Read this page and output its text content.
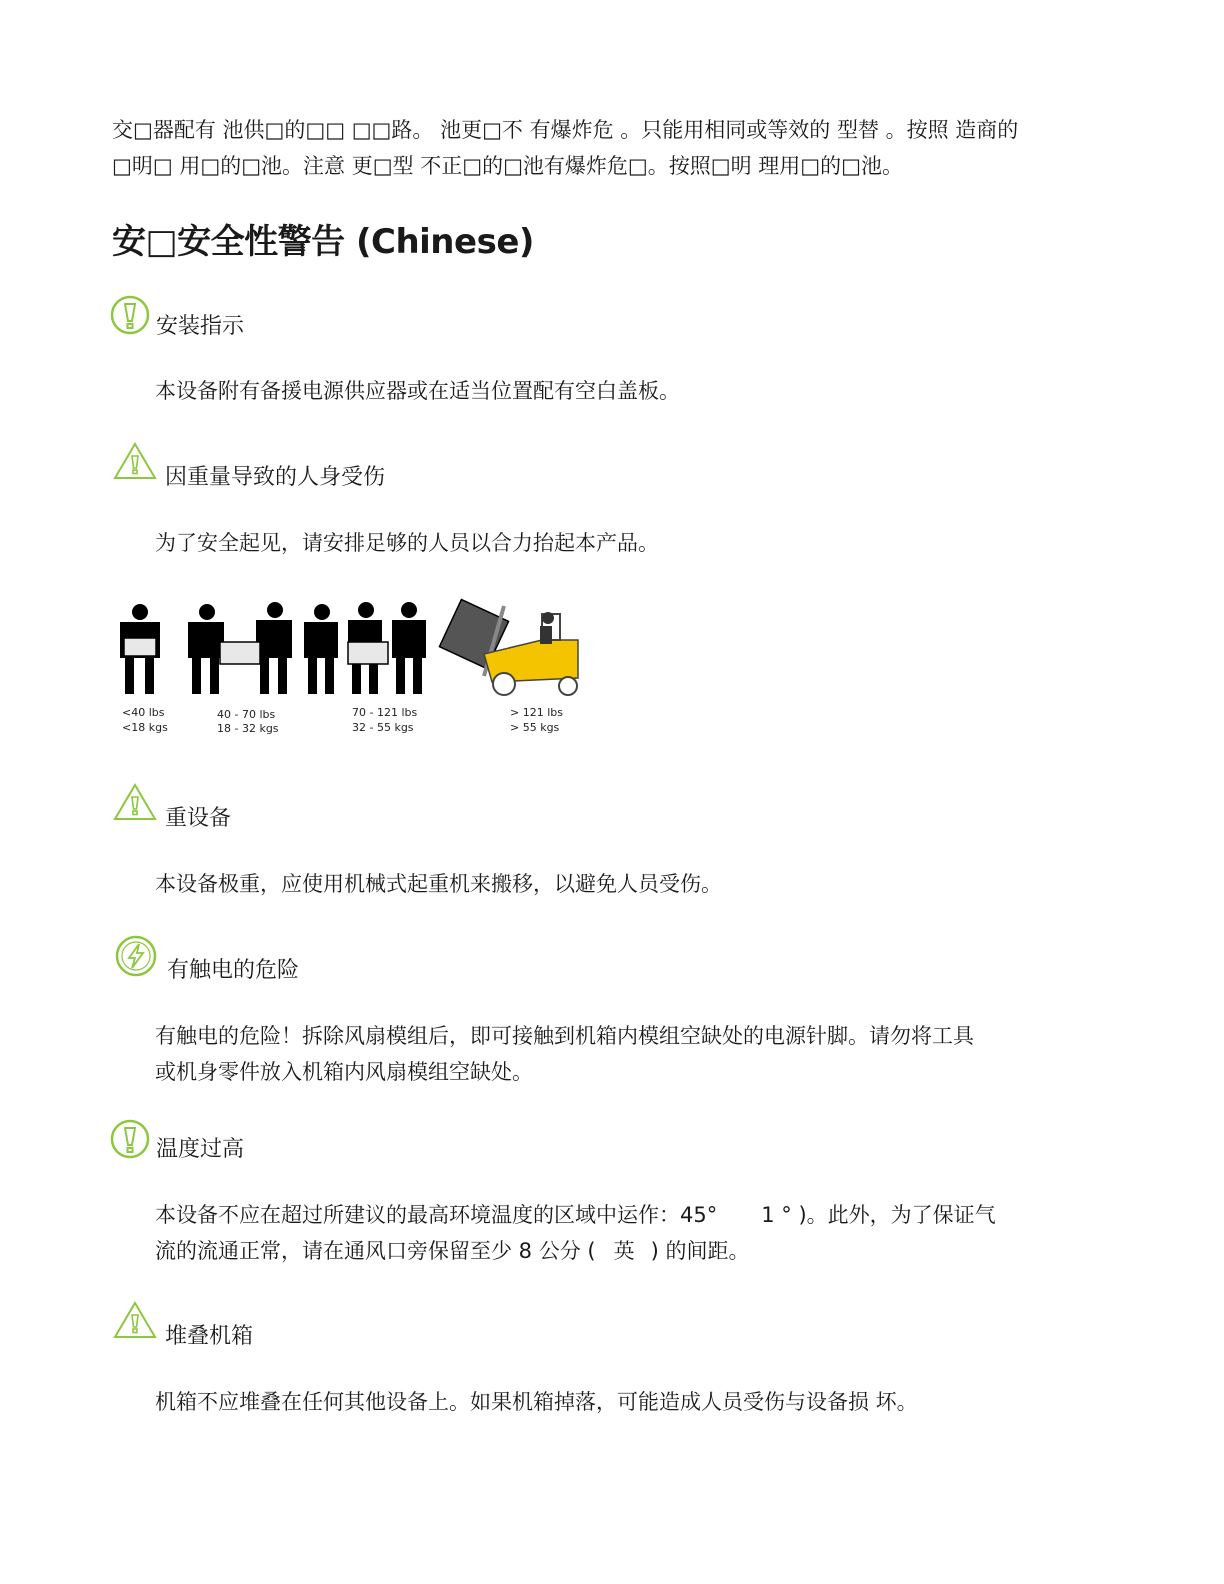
交□器配有 池供□的□□ □□路。 池更□不 有爆炸危 。只能用相同或等效的 型替 。按照 造商的

□明□ 用□的□池。注意 更□型 不正□的□池有爆炸危□。按照□明 理用□的□池。

安□安全性警告 (Chinese)
安装指示

本设备附有备援电源供应器或在适当位置配有空白盖板。

因重量导致的人身受伤

为了安全起见，请安排足够的人员以合力抬起本产品。

<40 lbs
<18 kgs
40 - 70 lbs
18 - 32 kgs
70 - 121 lbs
32 - 55 kgs
> 121 lbs
> 55 kgs
重设备

本设备极重，应使用机械式起重机来搬移，以避免人员受伤。

有触电的危险

有触电的危险！拆除风扇模组后，即可接触到机箱内模组空缺处的电源针脚。请勿将工具

或机身零件放入机箱内风扇模组空缺处。

温度过高

本设备不应在超过所建议的最高环境温度的区域中运作：45° 1 ° )。此外，为了保证气

流的流通正常，请在通风口旁保留至少 8 公分 ( 英 ) 的间距。

堆叠机箱

机箱不应堆叠在任何其他设备上。如果机箱掉落，可能造成人员受伤与设备损 坏。
